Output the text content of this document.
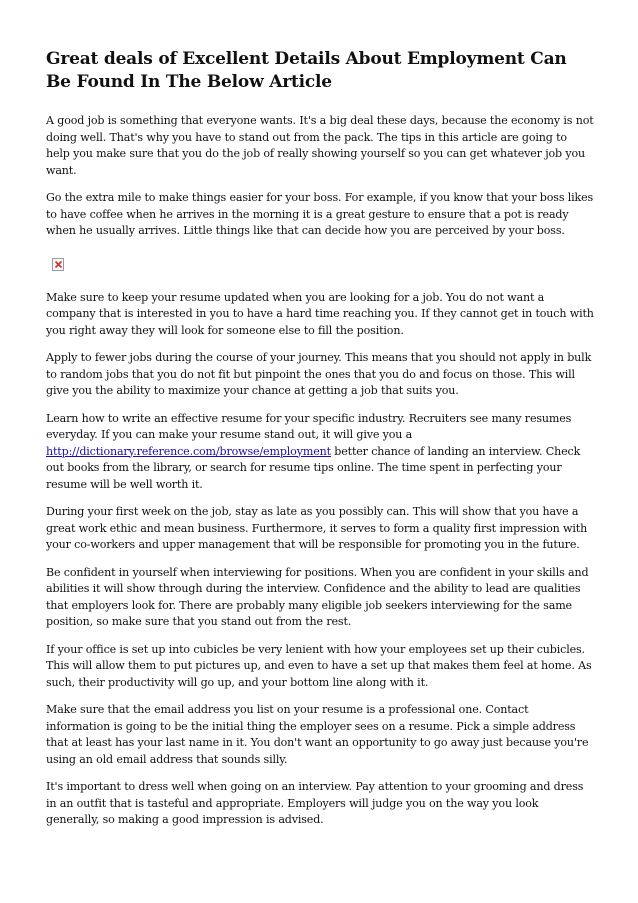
Great deals of Excellent Details About Employment Can Be Found In The Below Article

A good job is something that everyone wants. It's a big deal these days, because the economy is not doing well. That's why you have to stand out from the pack. The tips in this article are going to help you make sure that you do the job of really showing yourself so you can get whatever job you want.

Go the extra mile to make things easier for your boss. For example, if you know that your boss likes to have coffee when he arrives in the morning it is a great gesture to ensure that a pot is ready when he usually arrives. Little things like that can decide how you are perceived by your boss.

Make sure to keep your resume updated when you are looking for a job. You do not want a company that is interested in you to have a hard time reaching you. If they cannot get in touch with you right away they will look for someone else to fill the position.

Apply to fewer jobs during the course of your journey. This means that you should not apply in bulk to random jobs that you do not fit but pinpoint the ones that you do and focus on those. This will give you the ability to maximize your chance at getting a job that suits you.

Learn how to write an effective resume for your specific industry. Recruiters see many resumes everyday. If you can make your resume stand out, it will give you a http://dictionary.reference.com/browse/employment better chance of landing an interview. Check out books from the library, or search for resume tips online. The time spent in perfecting your resume will be well worth it.

During your first week on the job, stay as late as you possibly can. This will show that you have a great work ethic and mean business. Furthermore, it serves to form a quality first impression with your co-workers and upper management that will be responsible for promoting you in the future.

Be confident in yourself when interviewing for positions. When you are confident in your skills and abilities it will show through during the interview. Confidence and the ability to lead are qualities that employers look for. There are probably many eligible job seekers interviewing for the same position, so make sure that you stand out from the rest.

If your office is set up into cubicles be very lenient with how your employees set up their cubicles. This will allow them to put pictures up, and even to have a set up that makes them feel at home. As such, their productivity will go up, and your bottom line along with it.

Make sure that the email address you list on your resume is a professional one. Contact information is going to be the initial thing the employer sees on a resume. Pick a simple address that at least has your last name in it. You don't want an opportunity to go away just because you're using an old email address that sounds silly.

It's important to dress well when going on an interview. Pay attention to your grooming and dress in an outfit that is tasteful and appropriate. Employers will judge you on the way you look generally, so making a good impression is advised.
